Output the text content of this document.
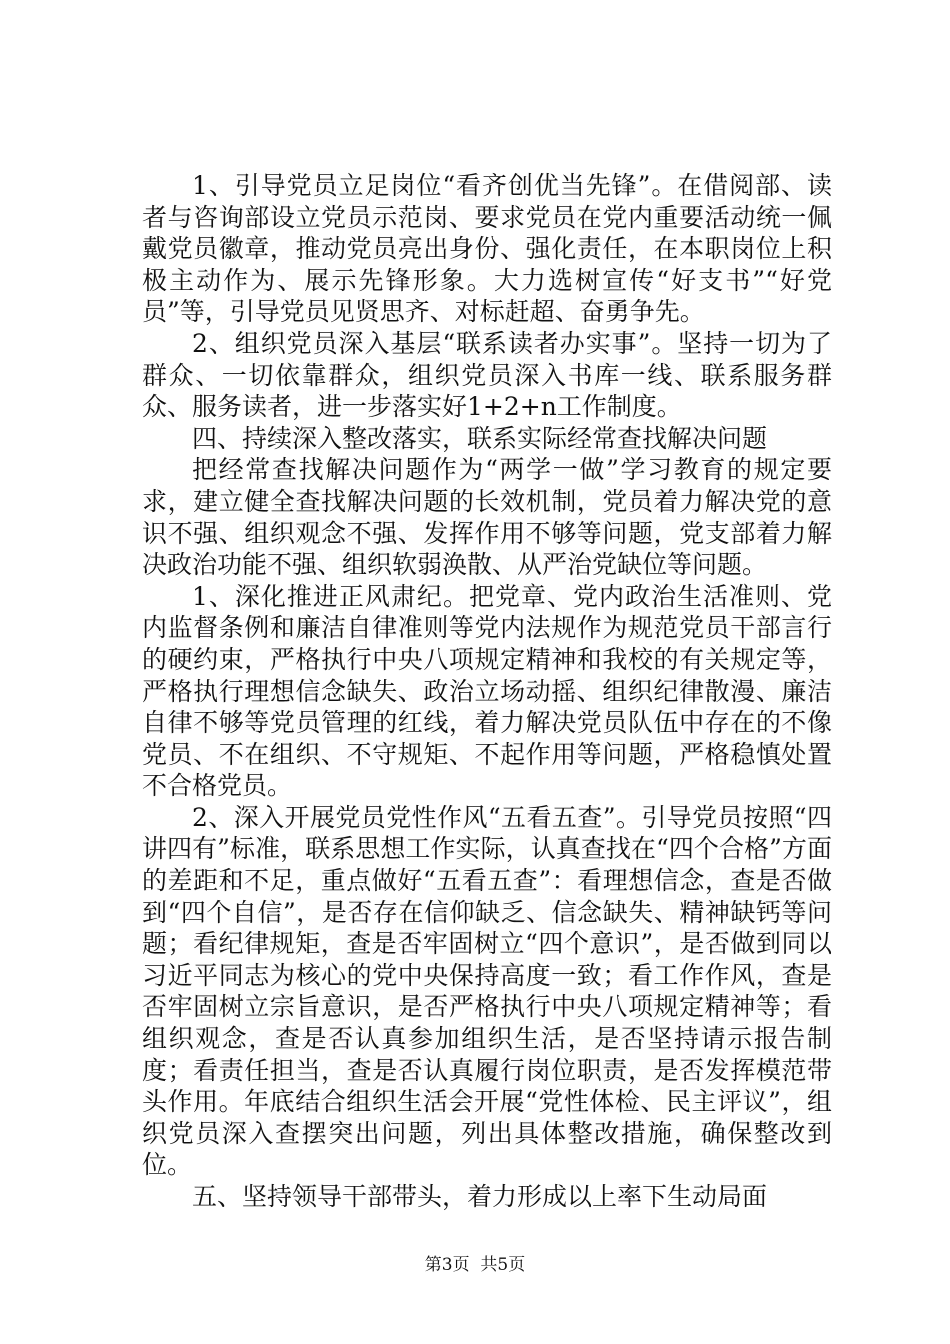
1、引导党员立足岗位“看齐创优当先锋”。在借阅部、读者与咨询部设立党员示范岗、要求党员在党内重要活动统一佩戴党员徽章，推动党员亮出身份、强化责任，在本职岗位上积极主动作为、展示先锋形象。大力选树宣传“好支书”“好党员”等，引导党员见贤思齐、对标赶超、奋勇争先。

2、组织党员深入基层“联系读者办实事”。坚持一切为了群众、一切依靠群众，组织党员深入书库一线、联系服务群众、服务读者，进一步落实好1+2+n工作制度。

四、持续深入整改落实，联系实际经常查找解决问题

把经常查找解决问题作为“两学一做”学习教育的规定要求，建立健全查找解决问题的长效机制，党员着力解决党的意识不强、组织观念不强、发挥作用不够等问题，党支部着力解决政治功能不强、组织软弱涣散、从严治党缺位等问题。

1、深化推进正风肃纪。把党章、党内政治生活准则、党内监督条例和廉洁自律准则等党内法规作为规范党员干部言行的硬约束，严格执行中央八项规定精神和我校的有关规定等，严格执行理想信念缺失、政治立场动摇、组织纪律散漫、廉洁自律不够等党员管理的红线，着力解决党员队伍中存在的不像党员、不在组织、不守规矩、不起作用等问题，严格稳慎处置不合格党员。

2、深入开展党员党性作风“五看五查”。引导党员按照“四讲四有”标准，联系思想工作实际，认真查找在“四个合格”方面的差距和不足，重点做好“五看五查”：看理想信念，查是否做到“四个自信”，是否存在信仰缺乏、信念缺失、精神缺钙等问题；看纪律规矩，查是否牢固树立“四个意识”，是否做到同以习近平同志为核心的党中央保持高度一致；看工作作风，查是否牢固树立宗旨意识，是否严格执行中央八项规定精神等；看组织观念，查是否认真参加组织生活，是否坚持请示报告制度；看责任担当，查是否认真履行岗位职责，是否发挥模范带头作用。年底结合组织生活会开展“党性体检、民主评议”，组织党员深入查摆突出问题，列出具体整改措施，确保整改到位。

五、坚持领导干部带头，着力形成以上率下生动局面

第3页  共5页
